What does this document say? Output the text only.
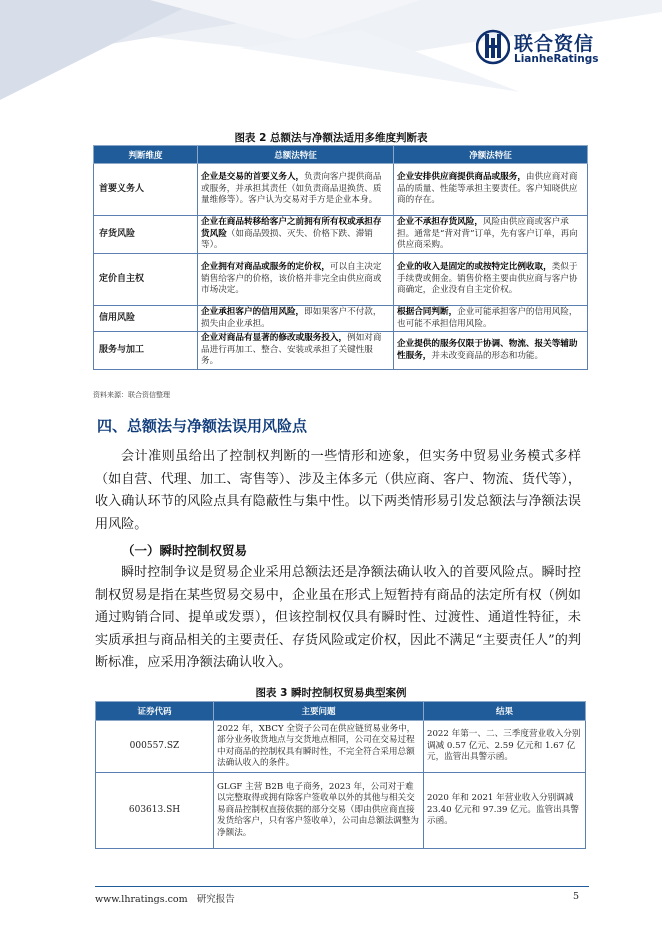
联合资信
LianheRatings
图表 2 总额法与净额法适用多维度判断表
判断维度	总额法特征	净额法特征
首要义务人	企业是交易的首要义务人，负责向客户提供商品或服务，并承担其责任（如负责商品退换货、质量维修等）。客户认为交易对手方是企业本身。	企业安排供应商提供商品或服务，由供应商对商品的质量、性能等承担主要责任。客户知晓供应商的存在。
存货风险	企业在商品转移给客户之前拥有所有权或承担存货风险（如商品毁损、灭失、价格下跌、滞销等）。	企业不承担存货风险，风险由供应商或客户承担。通常是“背对背”订单，先有客户订单，再向供应商采购。
定价自主权	企业拥有对商品或服务的定价权，可以自主决定销售给客户的价格，该价格并非完全由供应商或市场决定。	企业的收入是固定的或按特定比例收取，类似于手续费或佣金。销售价格主要由供应商与客户协商确定，企业没有自主定价权。
信用风险	企业承担客户的信用风险，即如果客户不付款，损失由企业承担。	根据合同判断，企业可能承担客户的信用风险，也可能不承担信用风险。
服务与加工	企业对商品有显著的修改或服务投入，例如对商品进行再加工、整合、安装或承担了关键性服务。	企业提供的服务仅限于协调、物流、报关等辅助性服务，并未改变商品的形态和功能。
资料来源：联合资信整理
四、总额法与净额法误用风险点
会计准则虽给出了控制权判断的一些情形和迹象，但实务中贸易业务模式多样（如自营、代理、加工、寄售等）、涉及主体多元（供应商、客户、物流、货代等），收入确认环节的风险点具有隐蔽性与集中性。以下两类情形易引发总额法与净额法误用风险。
（一）瞬时控制权贸易
瞬时控制争议是贸易企业采用总额法还是净额法确认收入的首要风险点。瞬时控制权贸易是指在某些贸易交易中，企业虽在形式上短暂持有商品的法定所有权（例如通过购销合同、提单或发票），但该控制权仅具有瞬时性、过渡性、通道性特征，未实质承担与商品相关的主要责任、存货风险或定价权，因此不满足“主要责任人”的判断标准，应采用净额法确认收入。
图表 3 瞬时控制权贸易典型案例
证券代码	主要问题	结果
000557.SZ	2022 年，XBCY 全资子公司在供应链贸易业务中，部分业务收货地点与交货地点相同，公司在交易过程中对商品的控制权具有瞬时性，不完全符合采用总额法确认收入的条件。	2022 年第一、二、三季度营业收入分别调减 0.57 亿元、2.59 亿元和 1.67 亿元，监管出具警示函。
603613.SH	GLGF 主营 B2B 电子商务，2023 年，公司对于难以完整取得或拥有除客户签收单以外的其他与相关交易商品控制权直接依据的部分交易（即由供应商直接发货给客户，只有客户签收单），公司由总额法调整为净额法。	2020 年和 2021 年营业收入分别调减 23.40 亿元和 97.39 亿元。监管出具警示函。
www.lhratings.com 研究报告	5
